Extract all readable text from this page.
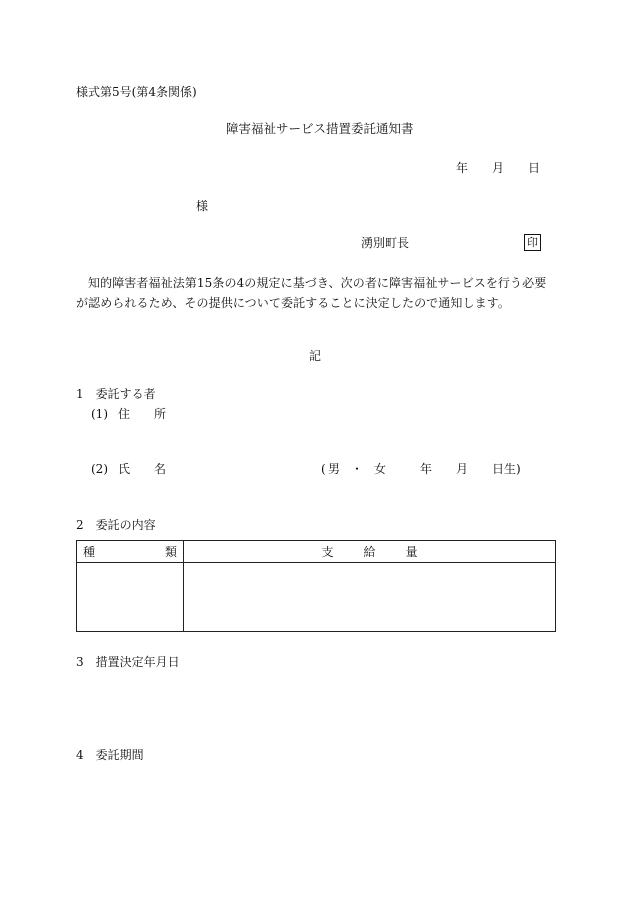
様式第5号(第4条関係)
障害福祉サービス措置委託通知書
年 月 日
様
湧別町長	印
知的障害者福祉法第15条の4の規定に基づき、次の者に障害福祉サービスを行う必要が認められるため、その提供について委託することに決定したので通知します。
記
1　委託する者
(1) 住所
(2) 氏名	( 男 ・ 女	年 月 日生)
2　委託の内容
種 類	支給量

3　措置決定年月日
4　委託期間
